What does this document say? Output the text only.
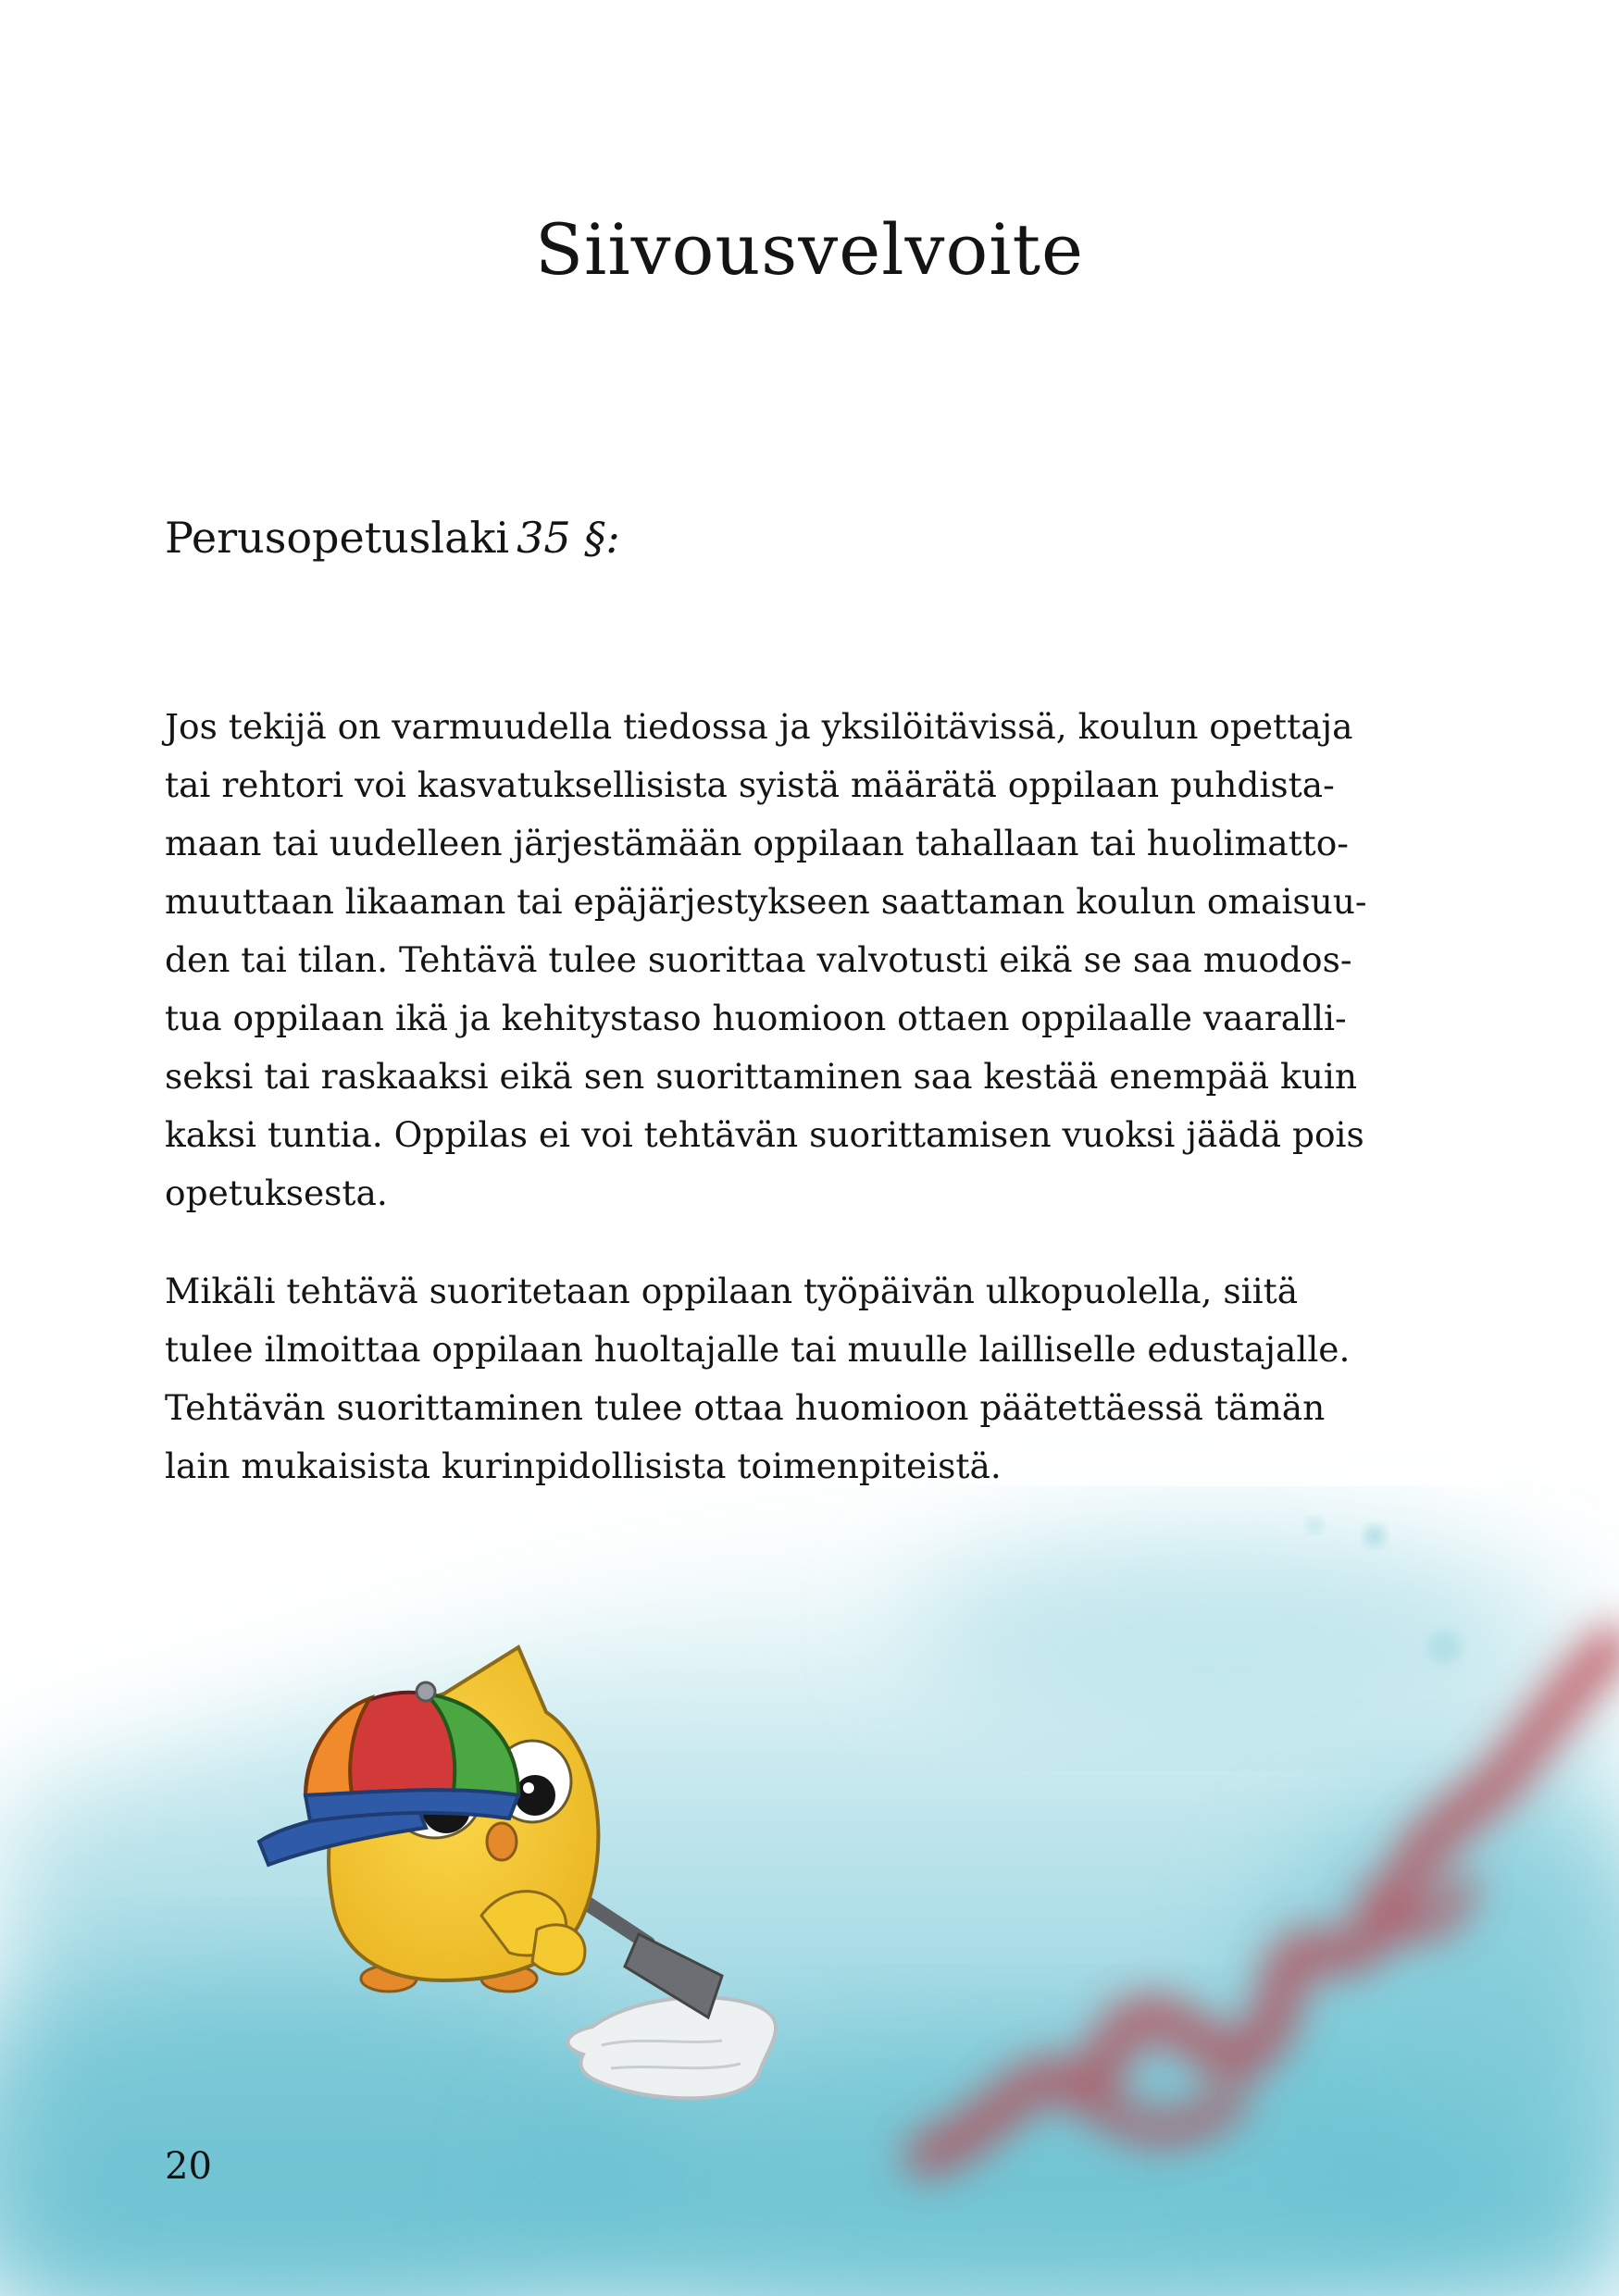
Siivousvelvoite
Perusopetuslaki 35 §:

Jos tekijä on varmuudella tiedossa ja yksilöitävissä, koulun opettaja
tai rehtori voi kasvatuksellisista syistä määrätä oppilaan puhdista-
maan tai uudelleen järjestämään oppilaan tahallaan tai huolimatto-
muuttaan likaaman tai epäjärjestykseen saattaman koulun omaisuu-
den tai tilan. Tehtävä tulee suorittaa valvotusti eikä se saa muodos-
tua oppilaan ikä ja kehitystaso huomioon ottaen oppilaalle vaaralli-
seksi tai raskaaksi eikä sen suorittaminen saa kestää enempää kuin
kaksi tuntia. Oppilas ei voi tehtävän suorittamisen vuoksi jäädä pois
opetuksesta.

Mikäli tehtävä suoritetaan oppilaan työpäivän ulkopuolella, siitä
tulee ilmoittaa oppilaan huoltajalle tai muulle lailliselle edustajalle.
Tehtävän suorittaminen tulee ottaa huomioon päätettäessä tämän
lain mukaisista kurinpidollisista toimenpiteistä.

20
